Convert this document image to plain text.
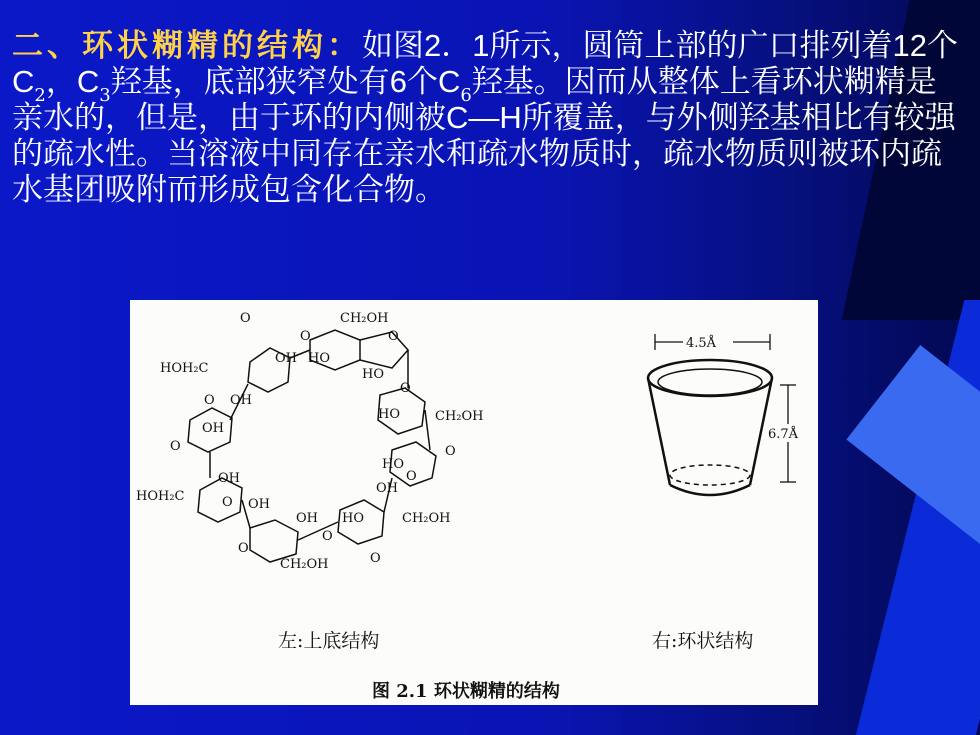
二、环状糊精的结构：如图2．1所示，圆筒上部的广口排列着12个$C_2$，$C_3$羟基，底部狭窄处有6个$C_6$羟基。因而从整体上看环状糊精是亲水的，但是，由于环的内侧被C—H所覆盖，与外侧羟基相比有较强的疏水性。当溶液中同存在亲水和疏水物质时，疏水物质则被环内疏水基团吸附而形成包含化合物。
CH₂OH
O
O	O
HOH₂C
OH HO
HO
O
O OH
HO	CH₂OH
OH
O	O
HO
OH
OH
O
HOH₂C	O OH
OH HO	CH₂OH
O
O
CH₂OH	O
4.5Å
6.7Å
左:上底结构	右:环状结构
图 2.1 环状糊精的结构
